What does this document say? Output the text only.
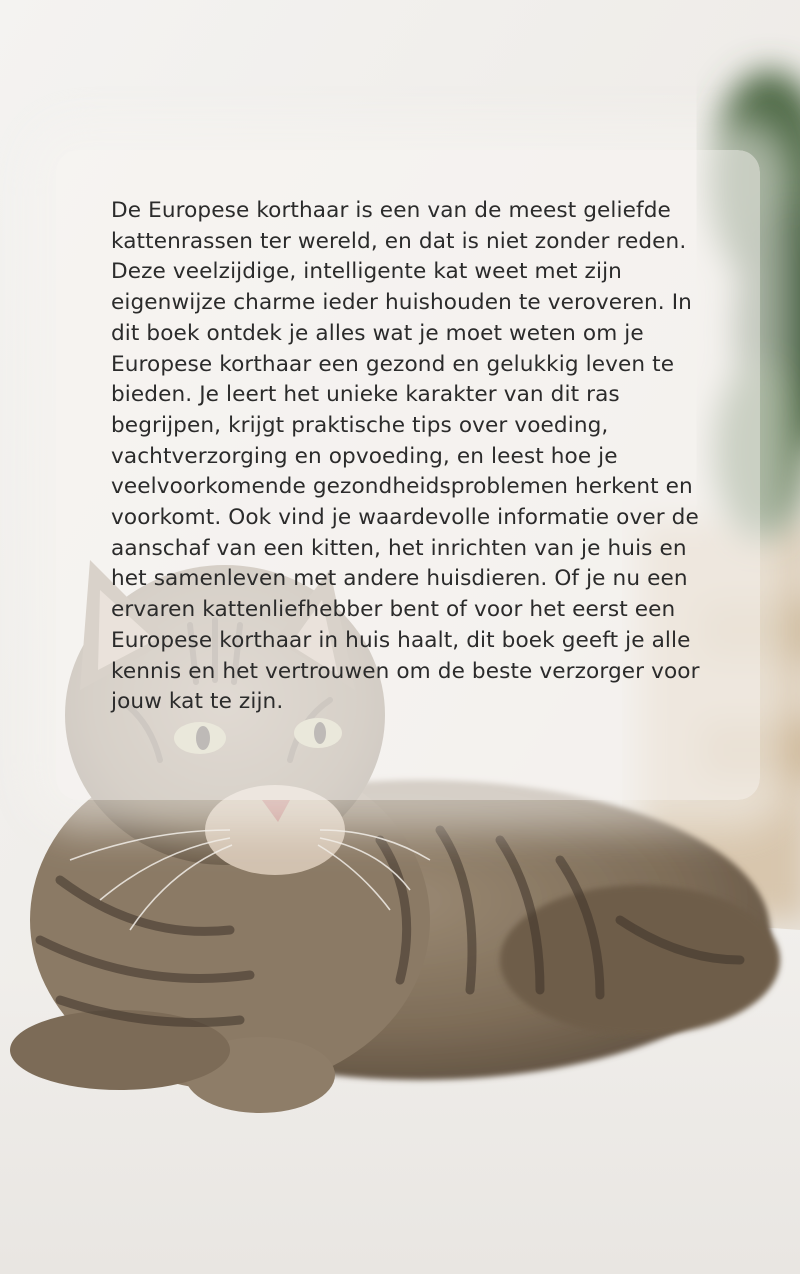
De Europese korthaar is een van de meest geliefde kattenrassen ter wereld, en dat is niet zonder reden. Deze veelzijdige, intelligente kat weet met zijn eigenwijze charme ieder huishouden te veroveren. In dit boek ontdek je alles wat je moet weten om je Europese korthaar een gezond en gelukkig leven te bieden. Je leert het unieke karakter van dit ras begrijpen, krijgt praktische tips over voeding, vachtverzorging en opvoeding, en leest hoe je veelvoorkomende gezondheidsproblemen herkent en voorkomt. Ook vind je waardevolle informatie over de aanschaf van een kitten, het inrichten van je huis en het samenleven met andere huisdieren. Of je nu een ervaren kattenliefhebber bent of voor het eerst een Europese korthaar in huis haalt, dit boek geeft je alle kennis en het vertrouwen om de beste verzorger voor jouw kat te zijn.
